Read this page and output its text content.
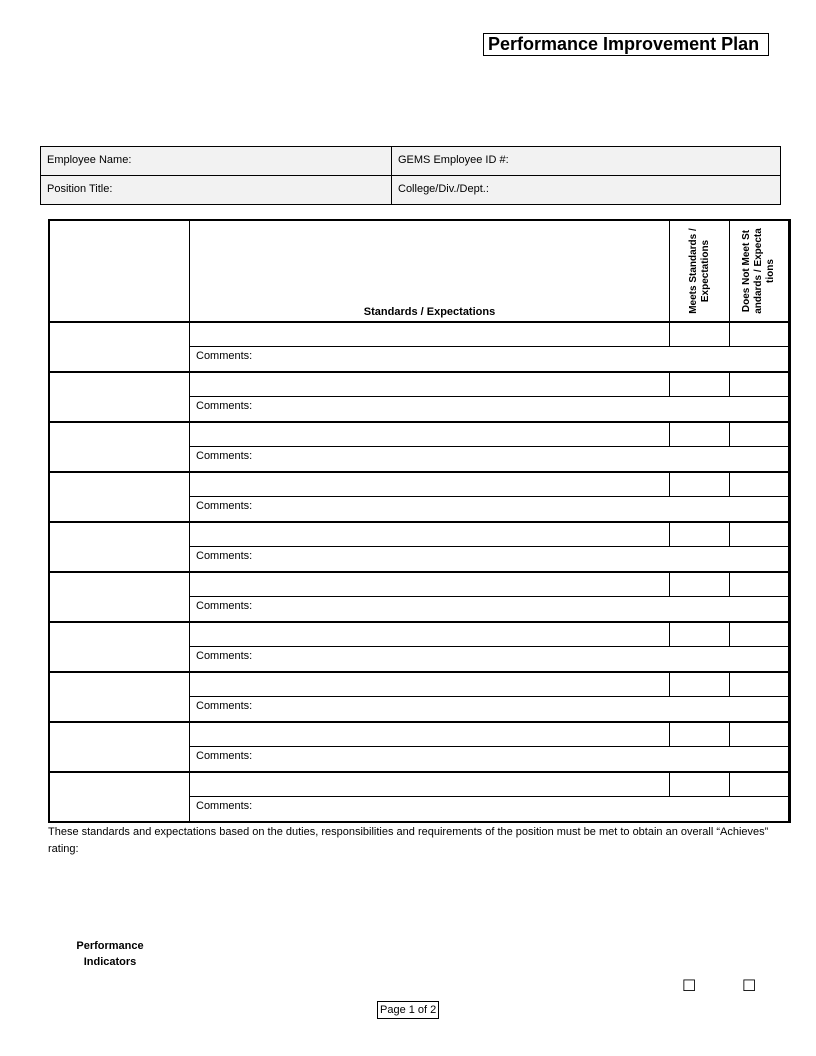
Performance Improvement Plan
Employee Name:	GEMS Employee ID #:
Position Title:	College/Div./Dept.:
Standards / Expectations	Meets Standards / Expectations	Does Not Meet Standards / Expectations
Comments:
Comments:
Comments:
Comments:
Comments:
Comments:
Comments:
Comments:
Comments:
Comments:
These standards and expectations based on the duties, responsibilities and requirements of the position must be met to obtain an overall “Achieves” rating:
Performance Indicators
☐	☐
Page 1 of 2
